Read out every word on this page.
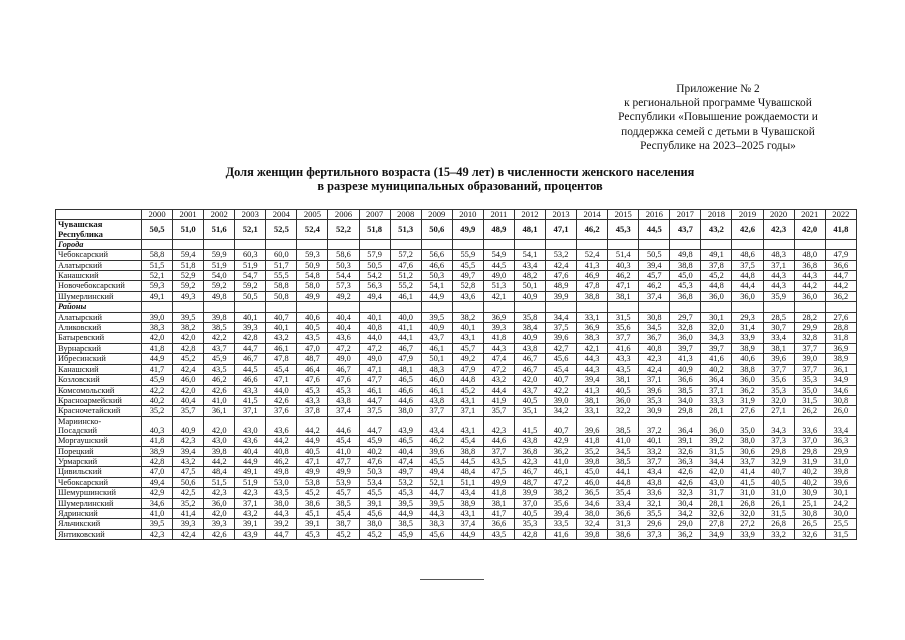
Приложение № 2
к региональной программе Чувашской
Республики «Повышение рождаемости и
поддержка семей с детьми в Чувашской
Республике на 2023–2025 годы»
Доля женщин фертильного возраста (15–49 лет) в численности женского населения
в разрезе муниципальных образований, процентов
	2000	2001	2002	2003	2004	2005	2006	2007	2008	2009	2010	2011	2012	2013	2014	2015	2016	2017	2018	2019	2020	2021	2022
Чувашская Республика	50,5	51,0	51,6	52,1	52,5	52,4	52,2	51,8	51,3	50,6	49,9	48,9	48,1	47,1	46,2	45,3	44,5	43,7	43,2	42,6	42,3	42,0	41,8
Города																							
Чебоксарский	58,8	59,4	59,9	60,3	60,0	59,3	58,6	57,9	57,2	56,6	55,9	54,9	54,1	53,2	52,4	51,4	50,5	49,8	49,1	48,6	48,3	48,0	47,9
Алатырский	51,5	51,8	51,9	51,9	51,7	50,9	50,3	50,5	47,6	46,6	45,5	44,5	43,4	42,4	41,3	40,3	39,4	38,8	37,8	37,5	37,1	36,8	36,6
Канашский	52,1	52,9	54,0	54,7	55,5	54,8	54,4	54,2	51,2	50,3	49,7	49,0	48,2	47,6	46,9	46,2	45,7	45,0	45,2	44,8	44,3	44,3	44,7
Новочебоксарский	59,3	59,2	59,2	59,2	58,8	58,0	57,3	56,3	55,2	54,1	52,8	51,3	50,1	48,9	47,8	47,1	46,2	45,3	44,8	44,4	44,3	44,2	44,2
Шумерлинский	49,1	49,3	49,8	50,5	50,8	49,9	49,2	49,4	46,1	44,9	43,6	42,1	40,9	39,9	38,8	38,1	37,4	36,8	36,0	36,0	35,9	36,0	36,2
Районы																							
Алатырский	39,0	39,5	39,8	40,1	40,7	40,6	40,4	40,1	40,0	39,5	38,2	36,9	35,8	34,4	33,1	31,5	30,8	29,7	30,1	29,3	28,5	28,2	27,6
Аликовский	38,3	38,2	38,5	39,3	40,1	40,5	40,4	40,8	41,1	40,9	40,1	39,3	38,4	37,5	36,9	35,6	34,5	32,8	32,0	31,4	30,7	29,9	28,8
Батыревский	42,0	42,0	42,2	42,8	43,2	43,5	43,6	44,0	44,1	43,7	43,1	41,8	40,9	39,6	38,3	37,7	36,7	36,0	34,3	33,9	33,4	32,8	31,8
Вурнарский	41,8	42,8	43,7	44,7	46,1	47,0	47,2	47,2	46,7	46,1	45,7	44,3	43,8	42,7	42,1	41,6	40,8	39,7	39,7	38,9	38,1	37,7	36,9
Ибресинский	44,9	45,2	45,9	46,7	47,8	48,7	49,0	49,0	47,9	50,1	49,2	47,4	46,7	45,6	44,3	43,3	42,3	41,3	41,6	40,6	39,6	39,0	38,9
Канашский	41,7	42,4	43,5	44,5	45,4	46,4	46,7	47,1	48,1	48,3	47,9	47,2	46,7	45,4	44,3	43,5	42,4	40,9	40,2	38,8	37,7	37,7	36,1
Козловский	45,9	46,0	46,2	46,6	47,1	47,6	47,6	47,7	46,5	46,0	44,8	43,2	42,0	40,7	39,4	38,1	37,1	36,6	36,4	36,0	35,6	35,3	34,9
Комсомольский	42,2	42,0	42,6	43,3	44,0	45,3	45,3	46,1	46,6	46,1	45,2	44,4	43,7	42,2	41,3	40,5	39,6	38,5	37,1	36,2	35,3	35,0	34,6
Красноармейский	40,2	40,4	41,0	41,5	42,6	43,3	43,8	44,7	44,6	43,8	43,1	41,9	40,5	39,0	38,1	36,0	35,3	34,0	33,3	31,9	32,0	31,5	30,8
Красночетайский	35,2	35,7	36,1	37,1	37,6	37,8	37,4	37,5	38,0	37,7	37,1	35,7	35,1	34,2	33,1	32,2	30,9	29,8	28,1	27,6	27,1	26,2	26,0
Мариинско-Посадский	40,3	40,9	42,0	43,0	43,6	44,2	44,6	44,7	43,9	43,4	43,1	42,3	41,5	40,7	39,6	38,5	37,2	36,4	36,0	35,0	34,3	33,6	33,4
Моргаушский	41,8	42,3	43,0	43,6	44,2	44,9	45,4	45,9	46,5	46,2	45,4	44,6	43,8	42,9	41,8	41,0	40,1	39,1	39,2	38,0	37,3	37,0	36,3
Порецкий	38,9	39,4	39,8	40,4	40,8	40,5	41,0	40,2	40,4	39,6	38,8	37,7	36,8	36,2	35,2	34,5	33,2	32,6	31,5	30,6	29,8	29,8	29,9
Урмарский	42,8	43,2	44,2	44,9	46,2	47,1	47,7	47,6	47,4	45,5	44,5	43,5	42,3	41,0	39,8	38,5	37,7	36,3	34,4	33,7	32,9	31,9	31,0
Цивильский	47,0	47,5	48,4	49,1	49,8	49,9	49,9	50,3	49,7	49,4	48,4	47,5	46,7	46,1	45,0	44,1	43,4	42,6	42,0	41,4	40,7	40,2	39,8
Чебоксарский	49,4	50,6	51,5	51,9	53,0	53,8	53,9	53,4	53,2	52,1	51,1	49,9	48,7	47,2	46,0	44,8	43,8	42,6	43,0	41,5	40,5	40,2	39,6
Шемуршинский	42,9	42,5	42,3	42,3	43,5	45,2	45,7	45,5	45,3	44,7	43,4	41,8	39,9	38,2	36,5	35,4	33,6	32,3	31,7	31,0	31,0	30,9	30,1
Шумерлинский	34,6	35,2	36,0	37,1	38,0	38,6	38,5	39,1	39,5	39,5	38,9	38,1	37,0	35,6	34,6	33,4	32,1	30,4	28,1	26,8	26,1	25,1	24,2
Ядринский	41,0	41,4	42,0	43,2	44,3	45,1	45,4	45,6	44,9	44,3	43,1	41,7	40,5	39,4	38,0	36,6	35,5	34,2	32,6	32,0	31,5	30,8	30,0
Яльчикский	39,5	39,3	39,3	39,1	39,2	39,1	38,7	38,0	38,5	38,3	37,4	36,6	35,3	33,5	32,4	31,3	29,6	29,0	27,8	27,2	26,8	26,5	25,5
Янтиковский	42,3	42,4	42,6	43,9	44,7	45,3	45,2	45,2	45,9	45,6	44,9	43,5	42,8	41,6	39,8	38,6	37,3	36,2	34,9	33,9	33,2	32,6	31,5
